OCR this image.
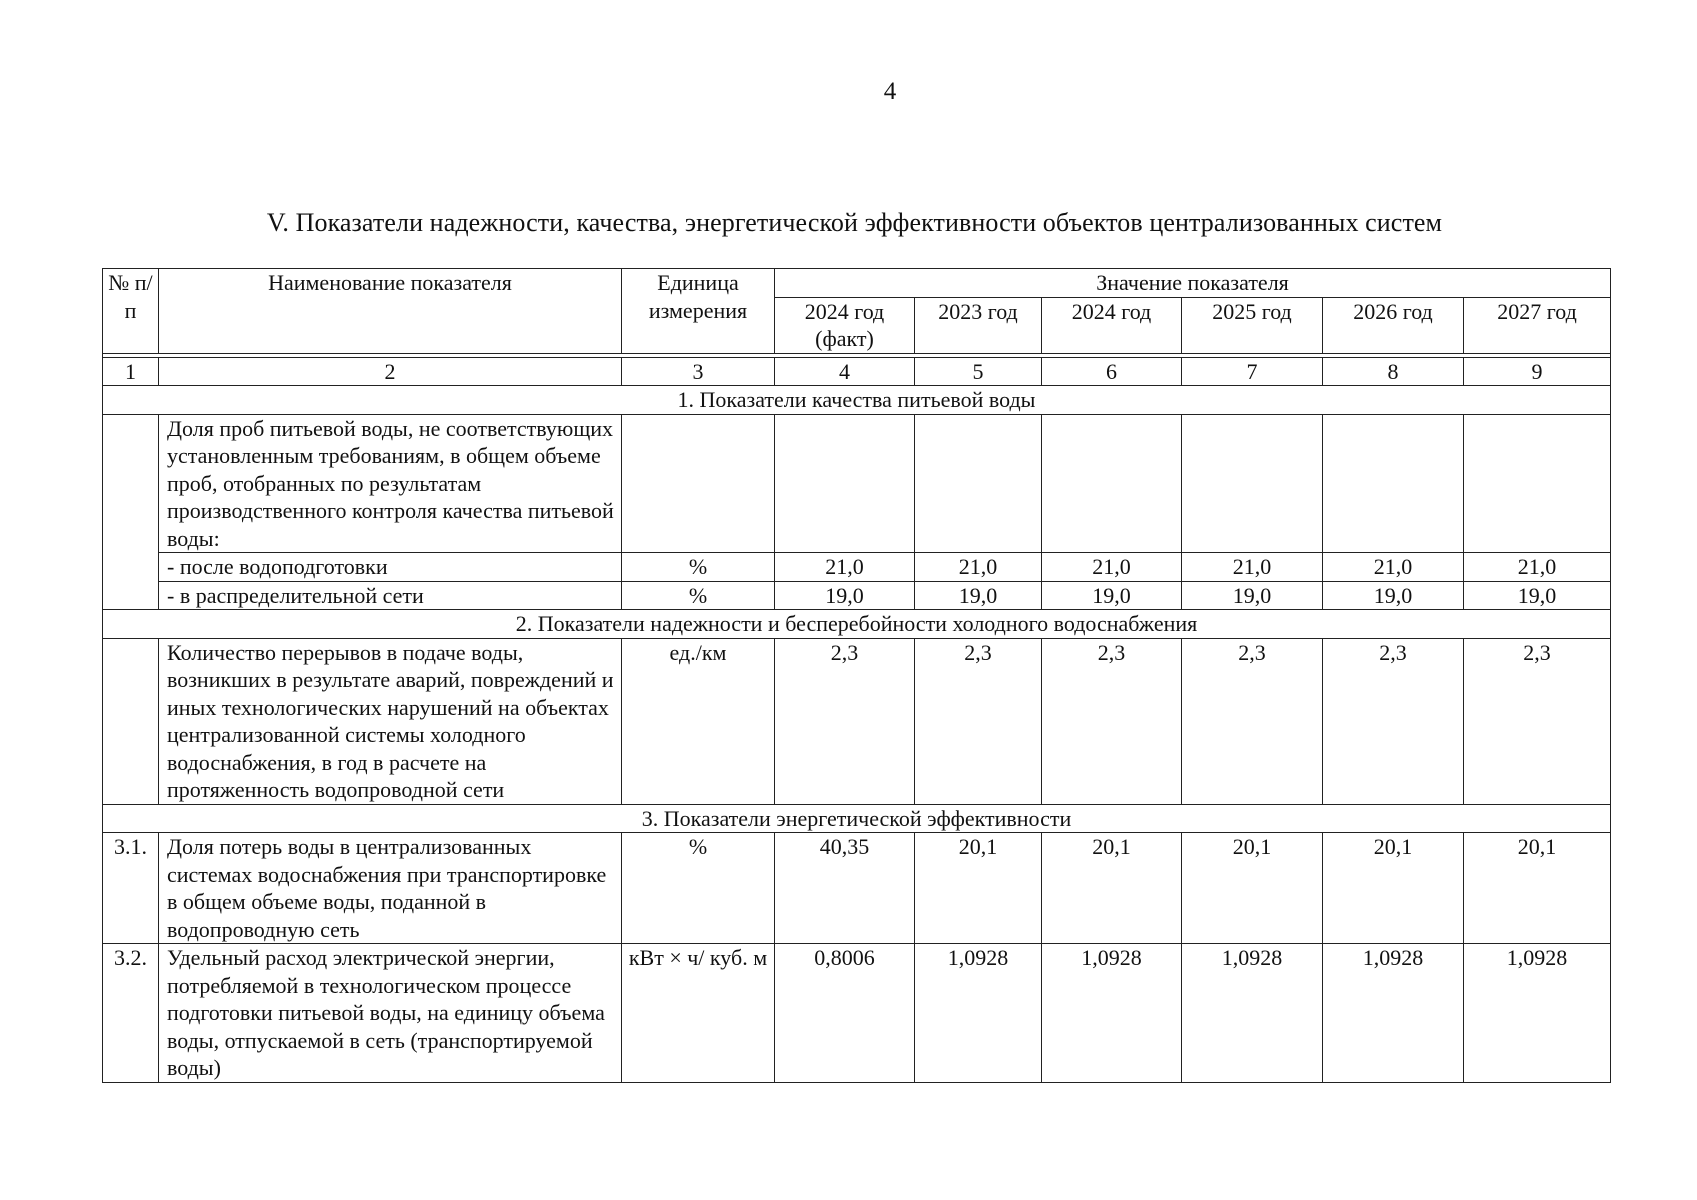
4
V. Показатели надежности, качества, энергетической эффективности объектов централизованных систем
№ п/п	Наименование показателя	Единица измерения	Значение показателя					
			2024 год (факт)	2023 год	2024 год	2025 год	2026 год	2027 год

1	2	3	4	5	6	7	8	9
1. Показатели качества питьевой воды								
	Доля проб питьевой воды, не соответствующих установленным требованиям, в общем объеме проб, отобранных по результатам производственного контроля качества питьевой воды:							
	- после водоподготовки	%	21,0	21,0	21,0	21,0	21,0	21,0
	- в распределительной сети	%	19,0	19,0	19,0	19,0	19,0	19,0
2. Показатели надежности и бесперебойности холодного водоснабжения								
	Количество перерывов в подаче воды, возникших в результате аварий, повреждений и иных технологических нарушений на объектах централизованной системы холодного водоснабжения, в год в расчете на протяженность водопроводной сети	ед./км	2,3	2,3	2,3	2,3	2,3	2,3
3. Показатели энергетической эффективности								
3.1.	Доля потерь воды в централизованных системах водоснабжения при транспортировке в общем объеме воды, поданной в водопроводную сеть	%	40,35	20,1	20,1	20,1	20,1	20,1
3.2.	Удельный расход электрической энергии, потребляемой в технологическом процессе подготовки питьевой воды, на единицу объема воды, отпускаемой в сеть (транспортируемой воды)	кВт × ч/ куб. м	0,8006	1,0928	1,0928	1,0928	1,0928	1,0928
